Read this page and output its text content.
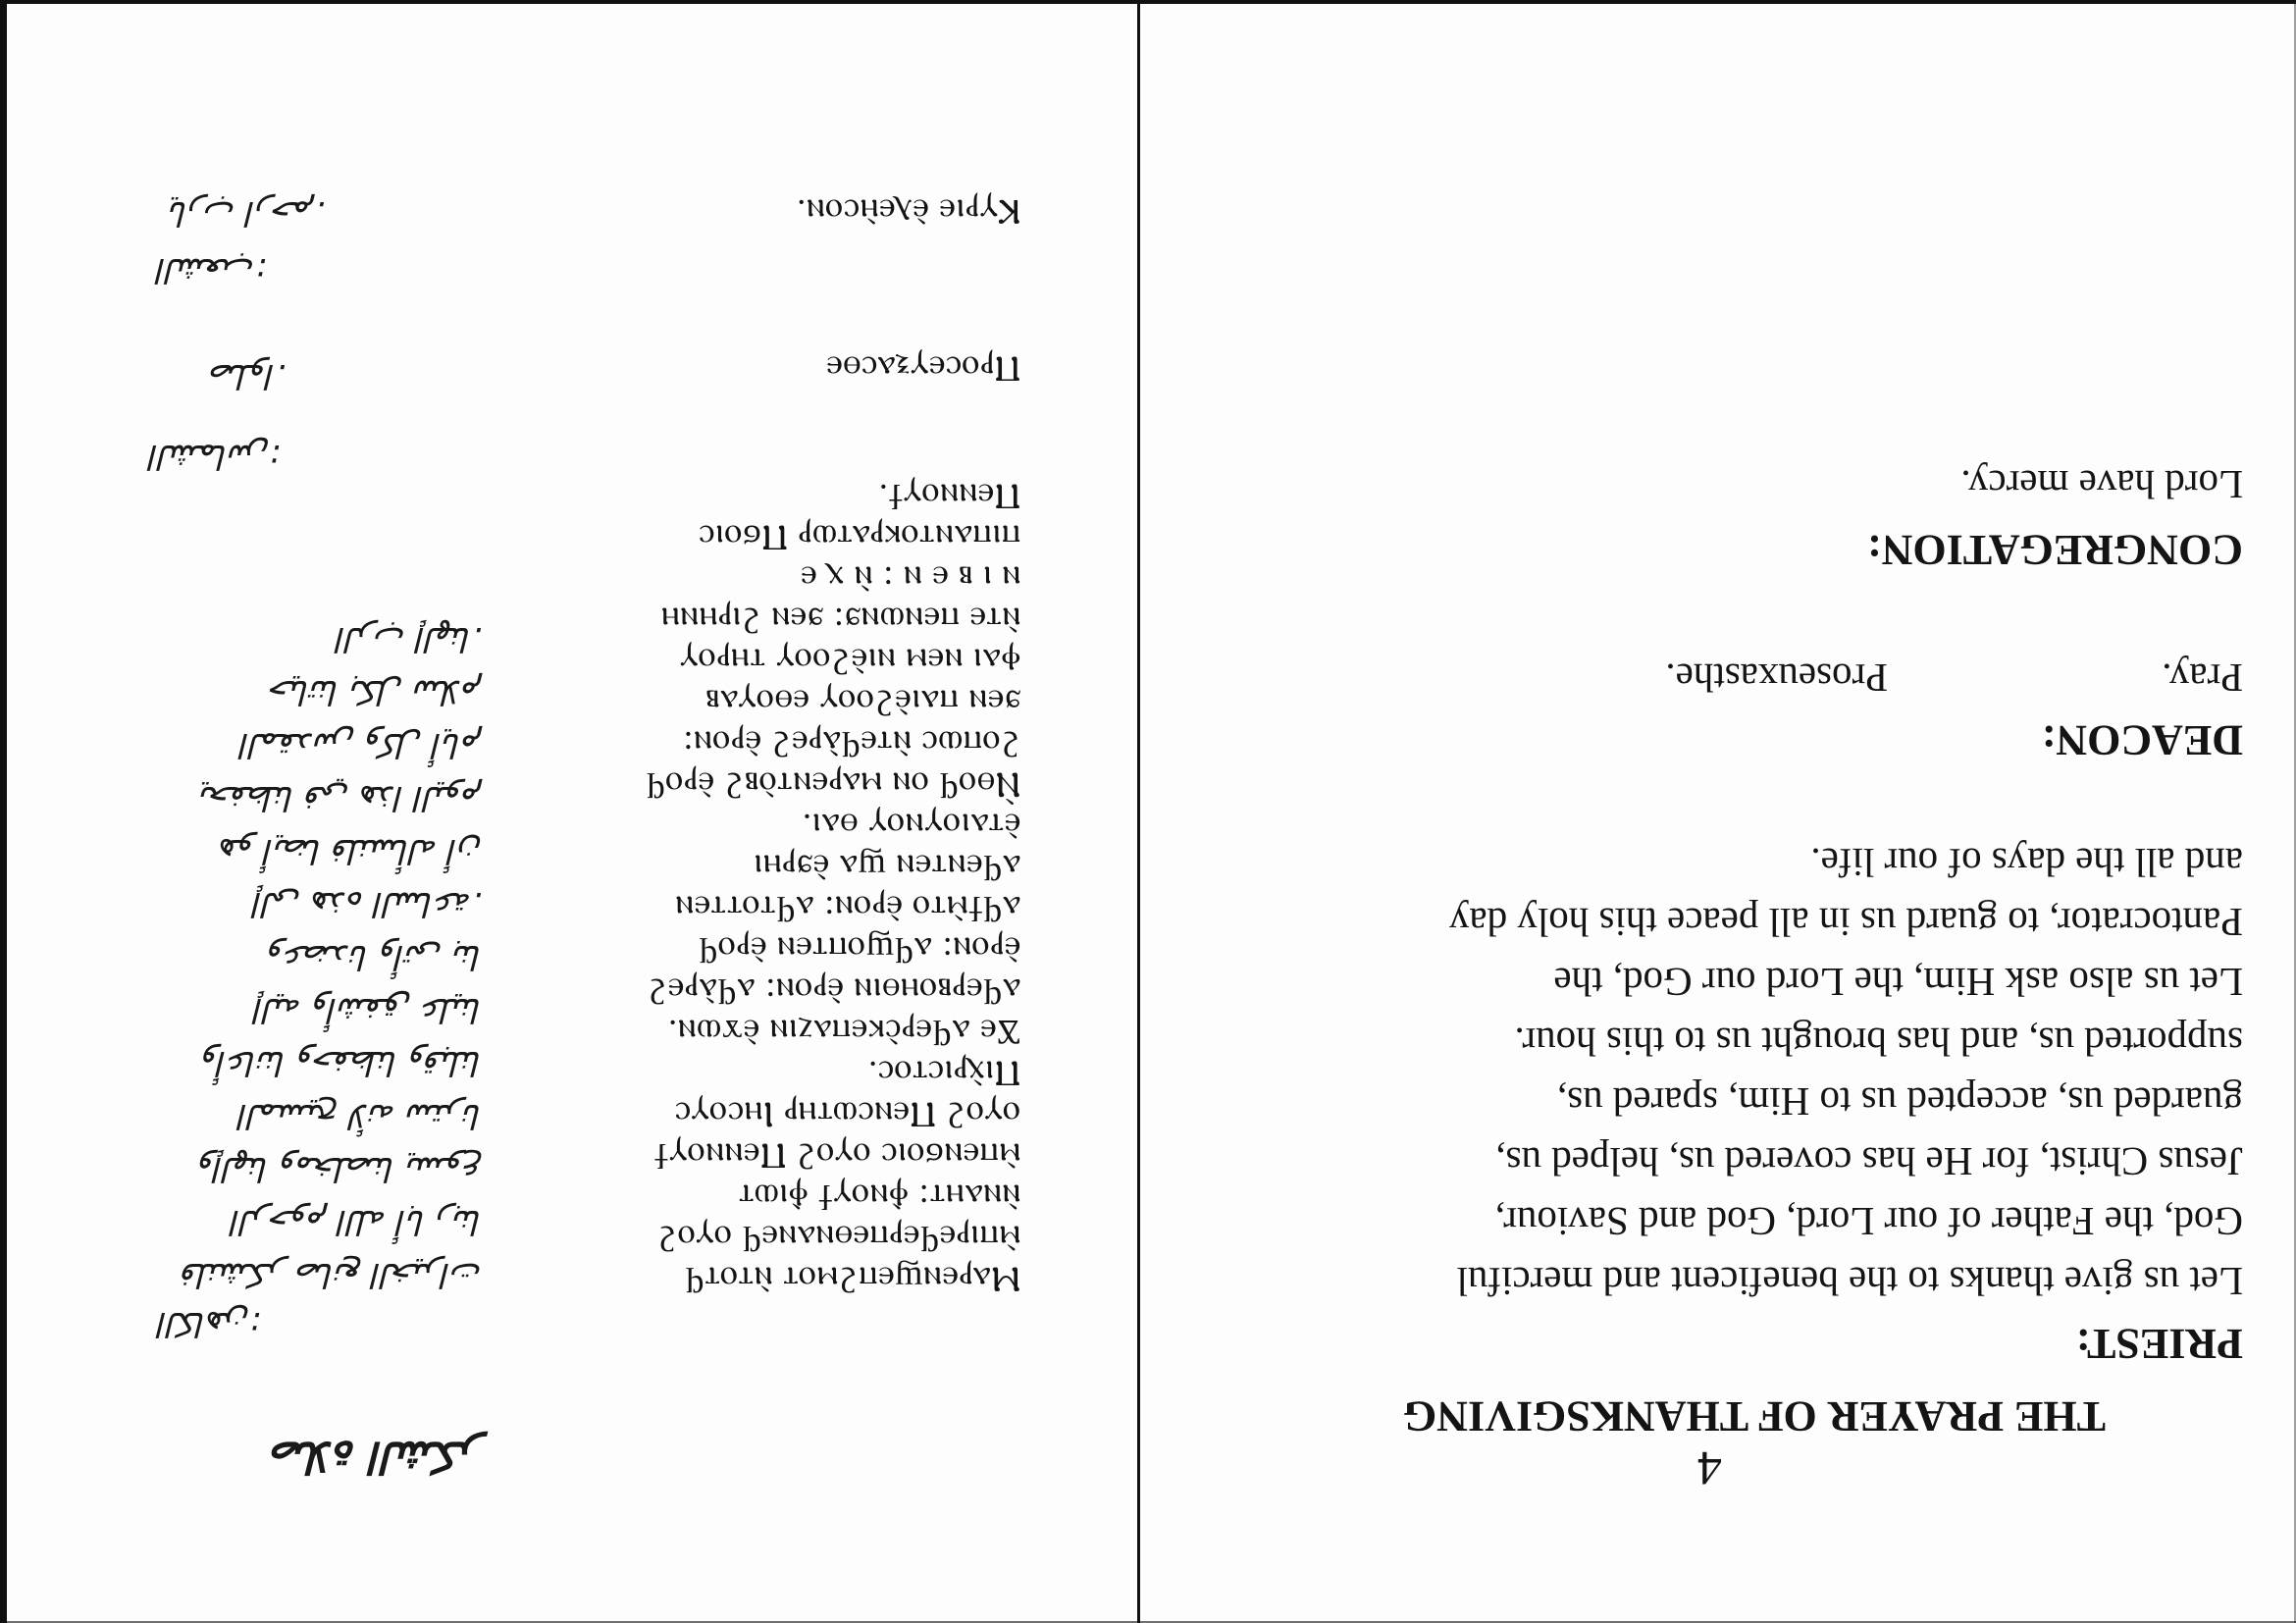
4
THE PRAYER OF THANKSGIVING
PRIEST:
Let us give thanks to the beneficent and merciful
God, the Father of our Lord, God and Saviour,
Jesus Christ, for He has covered us, helped us,
guarded us, accepted us to Him, spared us,
supported us, and has brought us to this hour.
Let us also ask Him, the Lord our God, the
Pantocrator, to guard us in all peace this holy day
and all the days of our life.
DEACON:
Pray.
Proseuxasthe.
CONGREGATION:
Lord have mercy.
صلاة الشكر
الكاهن:
Ⲙⲁⲣⲉⲛϣⲉⲡϩⲙⲟⲧ ⲛ̀ⲧⲟⲧϥ
ⲙ̀ⲡⲓⲣⲉϥⲉⲣⲡⲉⲑⲛⲁⲛⲉϥ ⲟⲩⲟϩ
ⲛ̀ⲛⲁⲏⲧ: ⲫ̀ⲛⲟⲩϯ ⲫ̀ⲓⲱⲧ
ⲙ̀ⲡⲉⲛϭⲟⲓⲥ ⲟⲩⲟϩ Ⲡⲉⲛⲛⲟⲩϯ
ⲟⲩⲟϩ Ⲡⲉⲛⲥⲱⲧⲏⲣ Ⲓⲏⲥⲟⲩⲥ
Ⲡⲓⲭ̀ⲣⲓⲥⲧⲟⲥ.
Ϫⲉ ⲁϥⲉⲣⲥ̀ⲕⲉⲡⲁⲍⲓⲛ ⲉ̀ϫⲱⲛ.
ⲁϥⲉⲣⲃⲟⲏⲑⲓⲛ ⲉ̀ⲣⲟⲛ: ⲁϥⲁ̀ⲣⲉϩ
ⲉ̀ⲣⲟⲛ: ⲁϥϣⲟⲡⲧⲉⲛ ⲉ̀ⲣⲟϥ
ⲁϥϯⲙ̀ⲧⲟ ⲉ̀ⲣⲟⲛ: ⲁϥⲧⲟⲧⲧⲉⲛ
ⲁϥⲉⲛⲧⲉⲛ ϣⲁ ⲉ̀ϧⲣⲏⲓ
ⲉ̀ⲧⲁⲓⲟⲩⲛⲟⲩ ⲑⲁⲓ.
Ⲛ̀ⲑⲟϥ ⲟⲛ ⲙⲁⲣⲉⲛⲧⲟ̀ⲃϩ ⲉ̀ⲣⲟϥ
ϩⲟⲡⲱⲥ ⲛ̀ⲧⲉϥⲁ̀ⲣⲉϩ ⲉ̀ⲣⲟⲛ:
ϧⲉⲛ ⲡⲁⲓⲉ̀ϩⲟⲟⲩ ⲉⲑⲟⲩⲁⲃ
ⲫⲁⲓ ⲛⲉⲙ ⲛⲓⲉ̀ϩⲟⲟⲩ ⲧⲏⲣⲟⲩ
ⲛ̀ⲧⲉ ⲡⲉⲛⲱⲛϧ: ϧⲉⲛ ϩⲓⲣⲏⲛⲏ
ⲛ ⲓ ⲃ ⲉ ⲛ : ⲛ̀ ⲭ ⲉ
ⲡⲓⲡⲁⲛⲧⲟⲕⲣⲁⲧⲱⲣ Ⲡϭⲟⲓⲥ
Ⲡⲉⲛⲛⲟⲩϯ.
فلنشكر صانع الخيرات
الرحوم الله أبا ربنا
وإلهنا ومخلصنا يسوع
المسيح لأنه سترنا
وأعاننا وحفظنا وقبلنا
إليه وأشفق علينا
وعضدنا وأتى بنا
إلى هذه الساعة.
هو أيضا فلنسأله أن
يحفظنا في هذا اليوم
المقدس وكل أيام
حياتنا بكل سلام
الرب إلهنا.
الشماس:
Ⲡⲣⲟⲥⲉⲩⲝⲁⲥⲑⲉ
صلوا.
الشعب:
Ⲕⲩⲣⲓⲉ ⲉ̀ⲗⲉⲏ̀ⲥⲟⲛ.
يارب ارحم.
